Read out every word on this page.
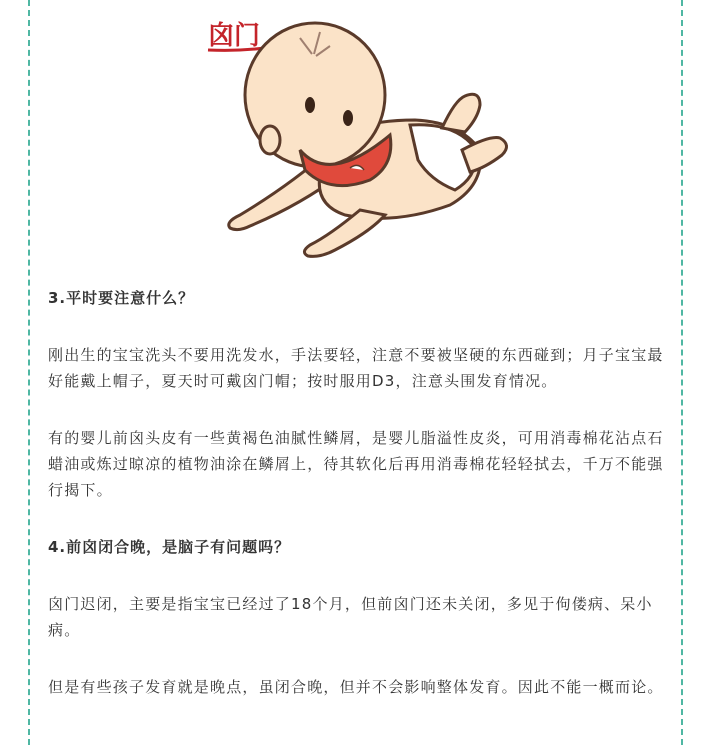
囟门
3.平时要注意什么？
刚出生的宝宝洗头不要用洗发水，手法要轻，注意不要被坚硬的东西碰到；月子宝宝最好能戴上帽子，夏天时可戴囟门帽；按时服用D3，注意头围发育情况。
有的婴儿前囟头皮有一些黄褐色油腻性鳞屑，是婴儿脂溢性皮炎，可用消毒棉花沾点石蜡油或炼过晾凉的植物油涂在鳞屑上，待其软化后再用消毒棉花轻轻拭去，千万不能强行揭下。
4.前囟闭合晚，是脑子有问题吗？
囟门迟闭，主要是指宝宝已经过了18个月，但前囟门还未关闭，多见于佝偻病、呆小病。
但是有些孩子发育就是晚点，虽闭合晚，但并不会影响整体发育。因此不能一概而论。
